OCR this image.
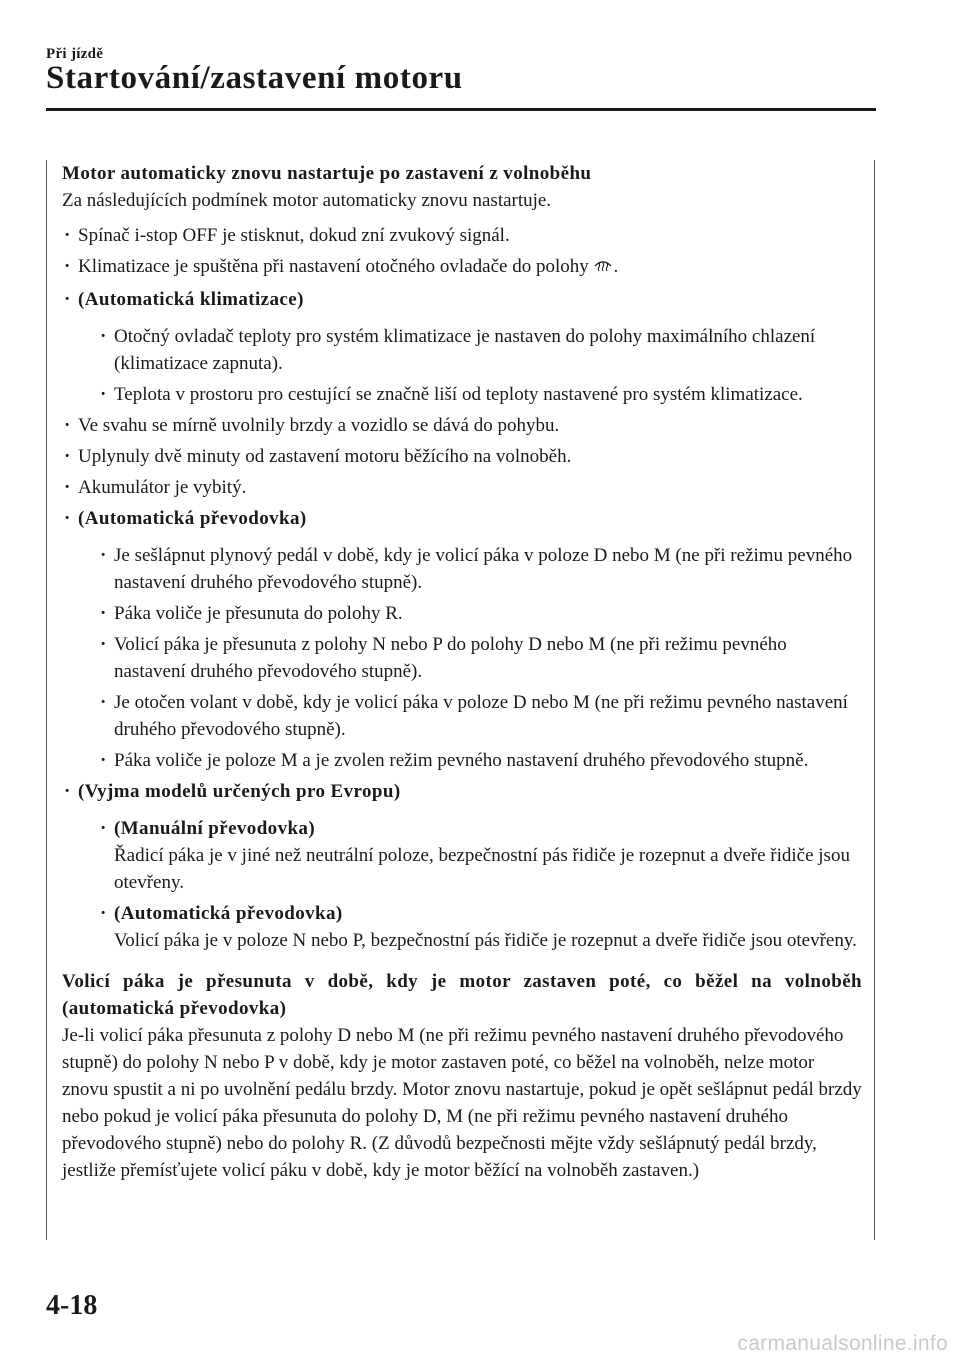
Při jízdě
Startování/zastavení motoru
Motor automaticky znovu nastartuje po zastavení z volnoběhu
Za následujících podmínek motor automaticky znovu nastartuje.
· Spínač i-stop OFF je stisknut, dokud zní zvukový signál.
· Klimatizace je spuštěna při nastavení otočného ovladače do polohy .
· (Automatická klimatizace)
· Otočný ovladač teploty pro systém klimatizace je nastaven do polohy maximálního chlazení (klimatizace zapnuta).
· Teplota v prostoru pro cestující se značně liší od teploty nastavené pro systém klimatizace.
· Ve svahu se mírně uvolnily brzdy a vozidlo se dává do pohybu.
· Uplynuly dvě minuty od zastavení motoru běžícího na volnoběh.
· Akumulátor je vybitý.
· (Automatická převodovka)
· Je sešlápnut plynový pedál v době, kdy je volicí páka v poloze D nebo M (ne při režimu pevného nastavení druhého převodového stupně).
· Páka voliče je přesunuta do polohy R.
· Volicí páka je přesunuta z polohy N nebo P do polohy D nebo M (ne při režimu pevného nastavení druhého převodového stupně).
· Je otočen volant v době, kdy je volicí páka v poloze D nebo M (ne při režimu pevného nastavení druhého převodového stupně).
· Páka voliče je poloze M a je zvolen režim pevného nastavení druhého převodového stupně.
· (Vyjma modelů určených pro Evropu)
· (Manuální převodovka)
Řadicí páka je v jiné než neutrální poloze, bezpečnostní pás řidiče je rozepnut a dveře řidiče jsou otevřeny.
· (Automatická převodovka)
Volicí páka je v poloze N nebo P, bezpečnostní pás řidiče je rozepnut a dveře řidiče jsou otevřeny.
Volicí páka je přesunuta v době, kdy je motor zastaven poté, co běžel na volnoběh (automatická převodovka)
Je-li volicí páka přesunuta z polohy D nebo M (ne při režimu pevného nastavení druhého převodového stupně) do polohy N nebo P v době, kdy je motor zastaven poté, co běžel na volnoběh, nelze motor znovu spustit a ni po uvolnění pedálu brzdy. Motor znovu nastartuje, pokud je opět sešlápnut pedál brzdy nebo pokud je volicí páka přesunuta do polohy D, M (ne při režimu pevného nastavení druhého převodového stupně) nebo do polohy R. (Z důvodů bezpečnosti mějte vždy sešlápnutý pedál brzdy, jestliže přemísťujete volicí páku v době, kdy je motor běžící na volnoběh zastaven.)
4-18
carmanualsonline.info
